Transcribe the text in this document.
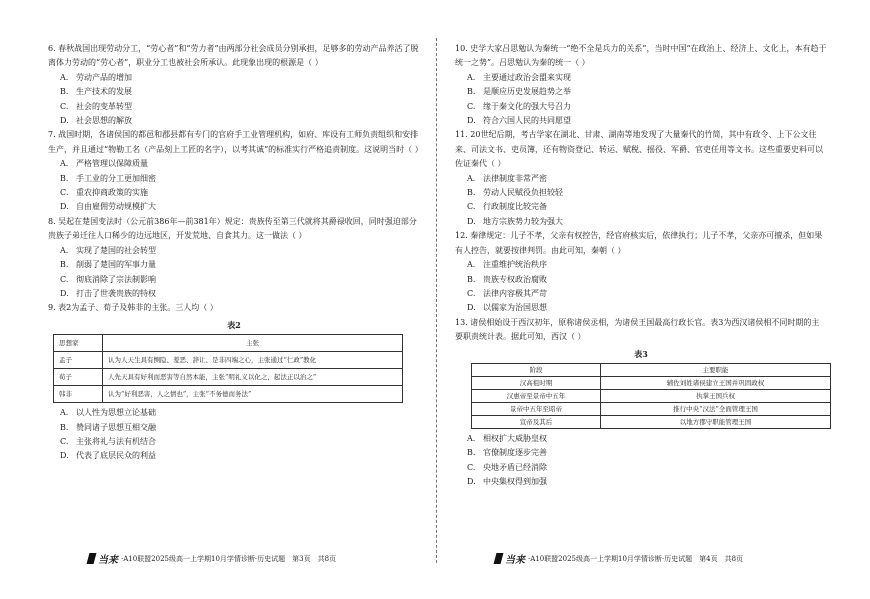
6. 春秋战国出现劳动分工，“劳心者”和“劳力者”由两部分社会成员分别承担，足够多的劳动产品养活了脱离体力劳动的“劳心者”，职业分工也被社会所承认。此现象出现的根源是（ ）

A. 劳动产品的增加

B. 生产技术的发展

C. 社会的变革转型

D. 社会思想的解放

7. 战国时期，各诸侯国的都邑和郡县都有专门的官府手工业管理机构，如府、库设有工师负责组织和安排生产，并且通过“物勒工名（产品刻上工匠的名字），以考其诚”的标准实行严格追责制度。这说明当时（ ）

A. 严格管理以保障质量

B. 手工业的分工更加细密

C. 重农抑商政策的实施

D. 自由雇佣劳动规模扩大

8. 吴起在楚国变法时（公元前386年—前381年）规定：贵族传至第三代就将其爵禄收回，同时强迫部分贵族子弟迁往人口稀少的边远地区，开发荒地、自食其力。这一做法（ ）

A. 实现了楚国的社会转型

B. 削弱了楚国的军事力量

C. 彻底消除了宗法制影响

D. 打击了世袭贵族的特权

9. 表2为孟子、荀子及韩非的主张。三人均（ ）

表2

思想家	主张
孟子	认为人天生具有恻隐、羞恶、辞让、是非四端之心，主张通过“仁政”教化
荀子	人先天具有好利而恶害等自然本能，主张“明礼义以化之，起法正以治之”
韩非	认为“好利恶害，人之情也”，主张“不务德而务法”

A. 以人性为思想立论基础

B. 赞同诸子思想互相交融

C. 主张将礼与法有机结合

D. 代表了底层民众的利益

10. 史学大家吕思勉认为秦统一“绝不全是兵力的关系”，当时中国“在政治上、经济上、文化上，本有趋于统一之势”。吕思勉认为秦的统一（ ）

A. 主要通过政治会盟来实现

B. 是顺应历史发展趋势之举

C. 缘于秦文化的强大号召力

D. 符合六国人民的共同愿望

11. 20世纪后期，考古学家在湖北、甘肃、湖南等地发现了大量秦代的竹简，其中有政令、上下公文往来、司法文书、吏员簿，还有物资登记、转运、赋税、摇役、军爵、官吏任用等文书。这些重要史料可以佐证秦代（ ）

A. 法律制度非常严密

B. 劳动人民赋役负担较轻

C. 行政制度比较完备

D. 地方宗族势力较为强大

12. 秦律规定：儿子不孝，父亲有权控告，经官府核实后，依律执行；儿子不孝，父亲亦可擅杀，但如果有人控告，就要按律判罚。由此可知，秦朝（ ）

A. 注重维护统治秩序

B. 贵族专权政治腐败

C. 法律内容极其严苛

D. 以儒家为治国思想

13. 诸侯相始设于西汉初年，原称诸侯丞相，为诸侯王国最高行政长官。表3为西汉诸侯相不同时期的主要职责统计表。据此可知，西汉（ ）

表3

阶段	主要职能
汉高祖时期	辅佐刘姓诸侯建立王国并巩固政权
汉惠帝至景帝中五年	执掌王国兵权
景帝中五年至昭帝	推行中央“汉法”全面管理王国
宣帝及其后	以地方郡守职能管理王国

A. 相权扩大威胁皇权

B. 官僚制度逐步完善

C. 央地矛盾已经消除

D. 中央集权得到加强

当来 ·A10联盟2025级高一上学期10月学情诊断·历史试题　第3页　共8页	当来 ·A10联盟2025级高一上学期10月学情诊断·历史试题　第4页　共8页
